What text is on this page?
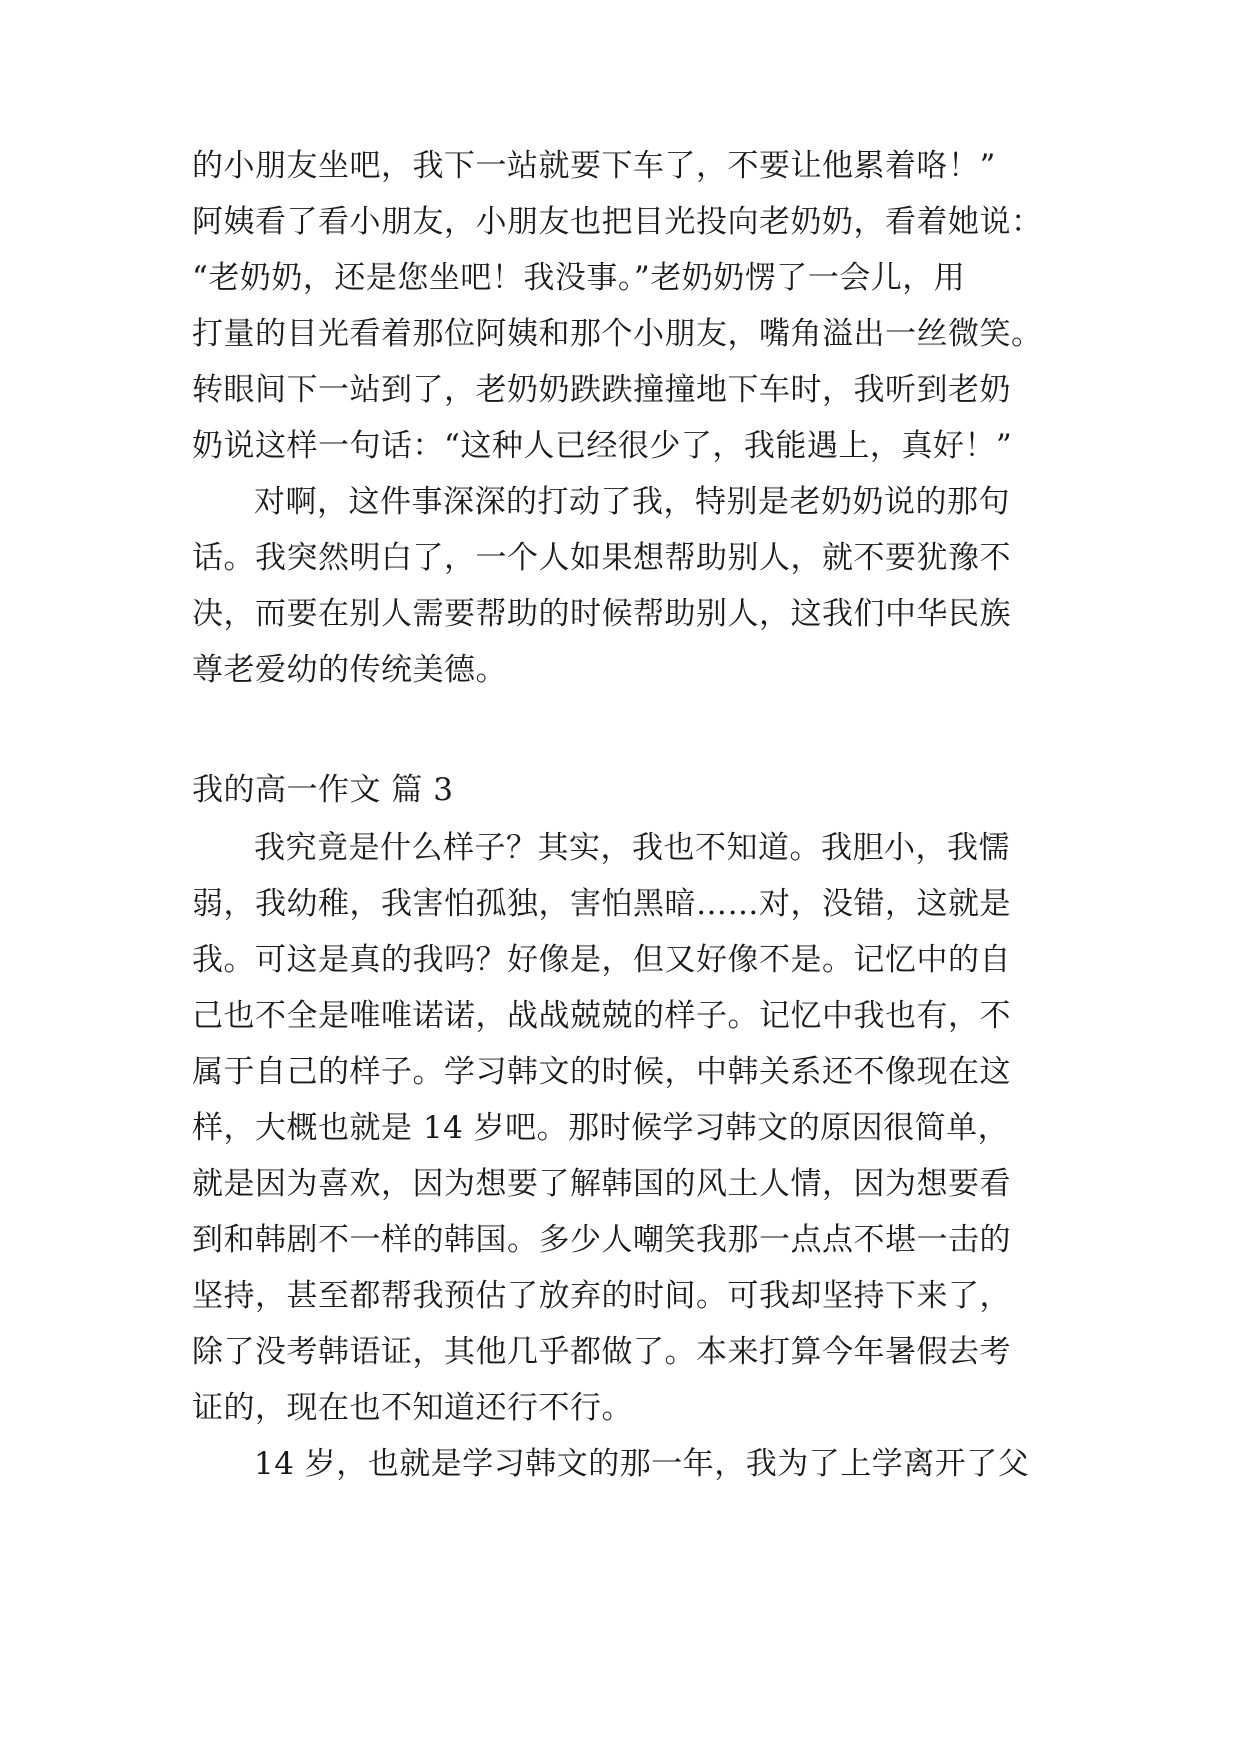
的小朋友坐吧，我下一站就要下车了，不要让他累着咯！”

阿姨看了看小朋友，小朋友也把目光投向老奶奶，看着她说：

“老奶奶，还是您坐吧！我没事。”老奶奶愣了一会儿，用

打量的目光看着那位阿姨和那个小朋友，嘴角溢出一丝微笑。

转眼间下一站到了，老奶奶跌跌撞撞地下车时，我听到老奶

奶说这样一句话：“这种人已经很少了，我能遇上，真好！”

对啊，这件事深深的打动了我，特别是老奶奶说的那句

话。我突然明白了，一个人如果想帮助别人，就不要犹豫不

决，而要在别人需要帮助的时候帮助别人，这我们中华民族

尊老爱幼的传统美德。

我的高一作文 篇 3

我究竟是什么样子？其实，我也不知道。我胆小，我懦

弱，我幼稚，我害怕孤独，害怕黑暗……对，没错，这就是

我。可这是真的我吗？好像是，但又好像不是。记忆中的自

己也不全是唯唯诺诺，战战兢兢的样子。记忆中我也有，不

属于自己的样子。学习韩文的时候，中韩关系还不像现在这

样，大概也就是 14 岁吧。那时候学习韩文的原因很简单，

就是因为喜欢，因为想要了解韩国的风土人情，因为想要看

到和韩剧不一样的韩国。多少人嘲笑我那一点点不堪一击的

坚持，甚至都帮我预估了放弃的时间。可我却坚持下来了，

除了没考韩语证，其他几乎都做了。本来打算今年暑假去考

证的，现在也不知道还行不行。

14 岁，也就是学习韩文的那一年，我为了上学离开了父
